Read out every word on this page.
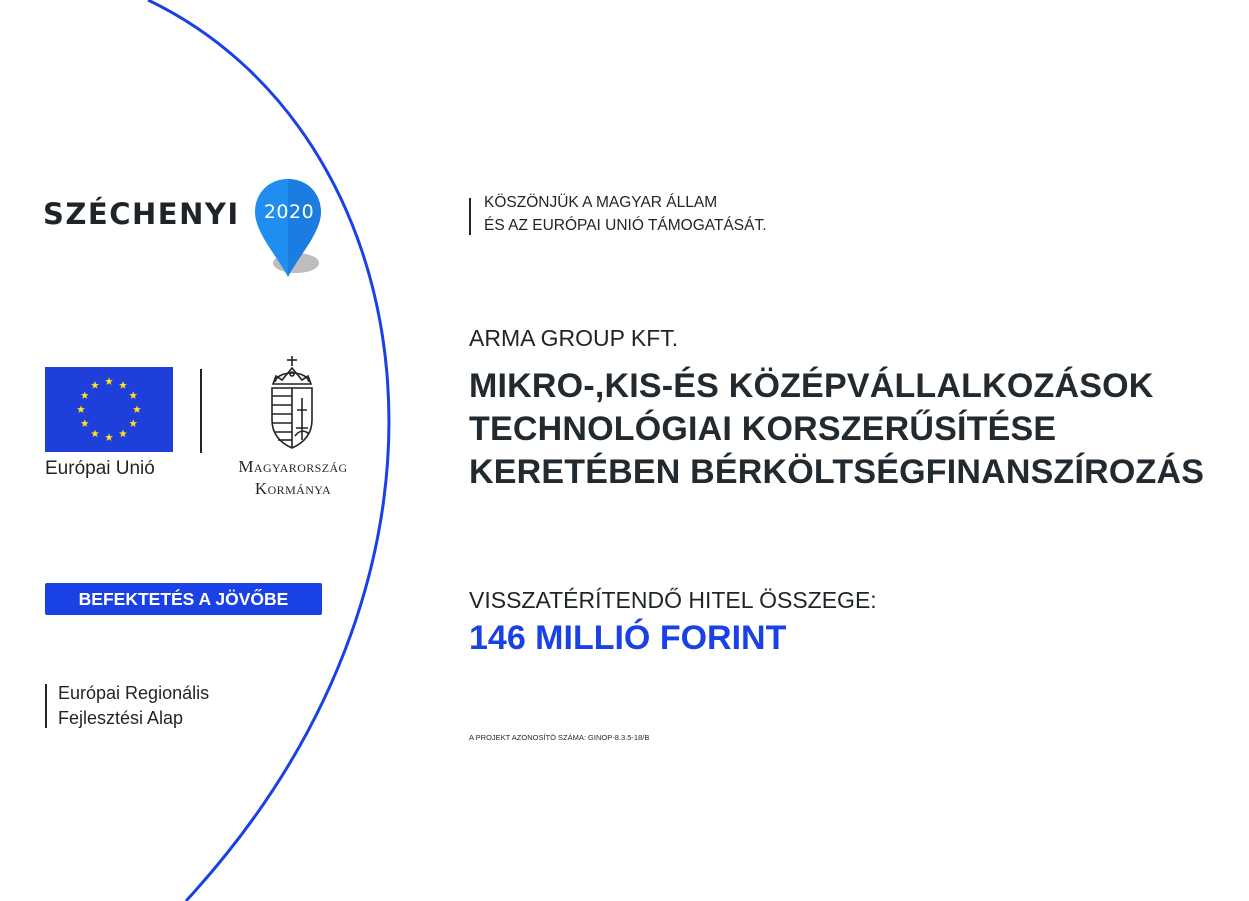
SZÉCHENYI	2020
Európai Unió	Magyarország
Kormánya
BEFEKTETÉS A JÖVŐBE
Európai Regionális
Fejlesztési Alap
KÖSZÖNJÜK A MAGYAR ÁLLAM
ÉS AZ EURÓPAI UNIÓ TÁMOGATÁSÁT.
ARMA GROUP KFT.
MIKRO-,KIS-ÉS KÖZÉPVÁLLALKOZÁSOK
TECHNOLÓGIAI KORSZERŰSÍTÉSE
KERETÉBEN BÉRKÖLTSÉGFINANSZÍROZÁS
VISSZATÉRÍTENDŐ HITEL ÖSSZEGE:
146 MILLIÓ FORINT
A PROJEKT AZONOSÍTÓ SZÁMA: GINOP-8.3.5-18/B
